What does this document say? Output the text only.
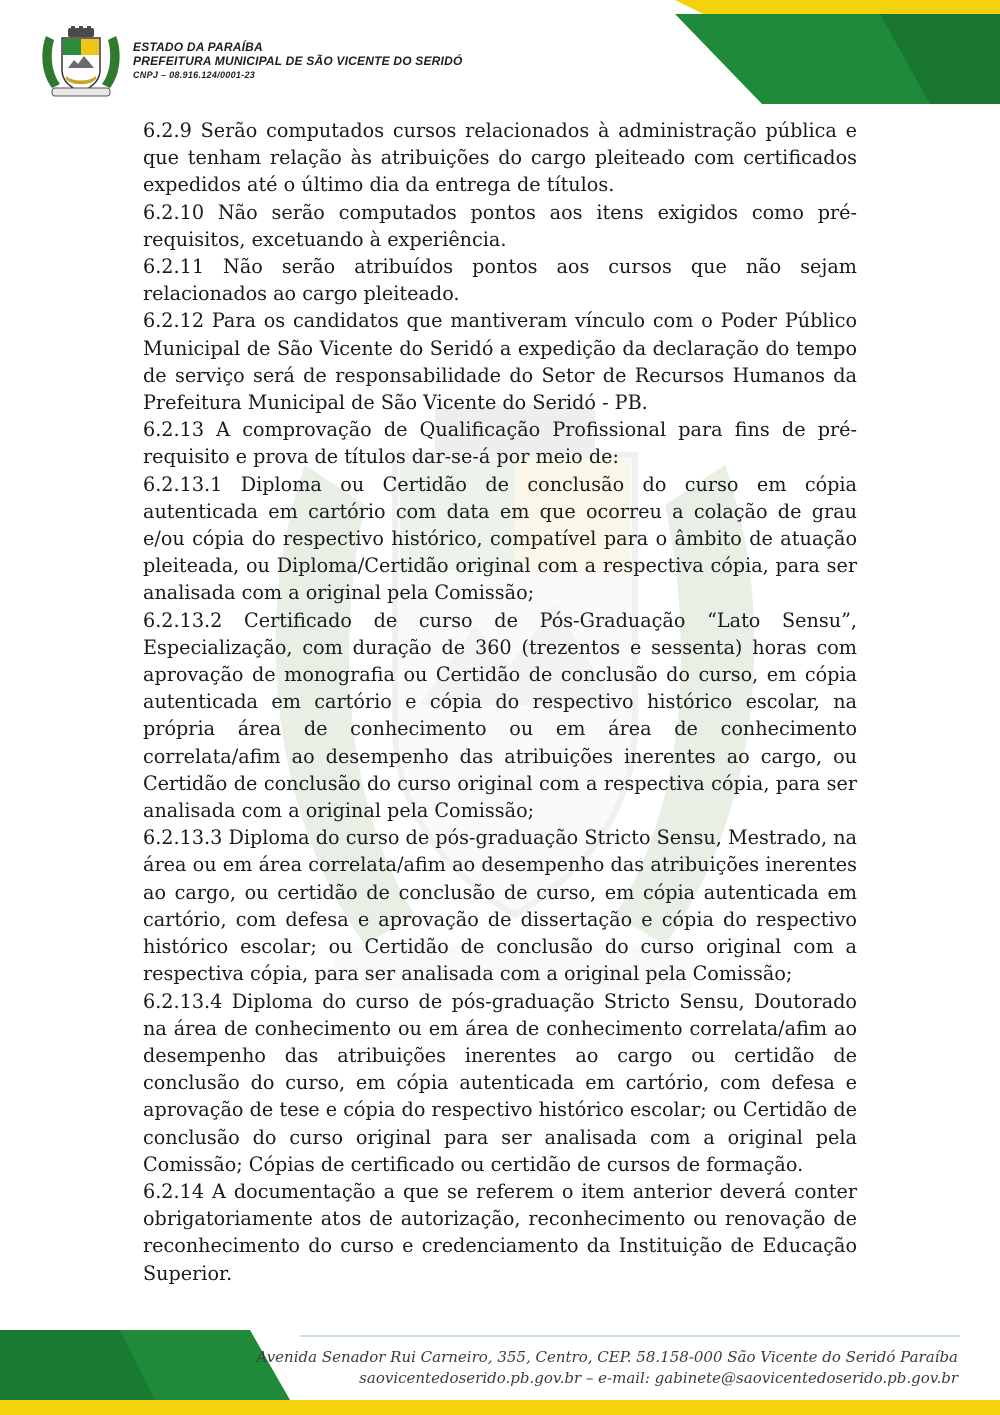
ESTADO DA PARAÍBA
PREFEITURA MUNICIPAL DE SÃO VICENTE DO SERIDÓ
CNPJ – 08.916.124/0001-23

6.2.9 Serão computados cursos relacionados à administração pública e que tenham relação às atribuições do cargo pleiteado com certificados expedidos até o último dia da entrega de títulos.

6.2.10 Não serão computados pontos aos itens exigidos como pré-requisitos, excetuando à experiência.

6.2.11 Não serão atribuídos pontos aos cursos que não sejam relacionados ao cargo pleiteado.

6.2.12 Para os candidatos que mantiveram vínculo com o Poder Público Municipal de São Vicente do Seridó a expedição da declaração do tempo de serviço será de responsabilidade do Setor de Recursos Humanos da Prefeitura Municipal de São Vicente do Seridó - PB.

6.2.13 A comprovação de Qualificação Profissional para fins de pré-requisito e prova de títulos dar-se-á por meio de:

6.2.13.1 Diploma ou Certidão de conclusão do curso em cópia autenticada em cartório com data em que ocorreu a colação de grau e/ou cópia do respectivo histórico, compatível para o âmbito de atuação pleiteada, ou Diploma/Certidão original com a respectiva cópia, para ser analisada com a original pela Comissão;

6.2.13.2 Certificado de curso de Pós-Graduação “Lato Sensu”, Especialização, com duração de 360 (trezentos e sessenta) horas com aprovação de monografia ou Certidão de conclusão do curso, em cópia autenticada em cartório e cópia do respectivo histórico escolar, na própria área de conhecimento ou em área de conhecimento correlata/afim ao desempenho das atribuições inerentes ao cargo, ou Certidão de conclusão do curso original com a respectiva cópia, para ser analisada com a original pela Comissão;

6.2.13.3 Diploma do curso de pós-graduação Stricto Sensu, Mestrado, na área ou em área correlata/afim ao desempenho das atribuições inerentes ao cargo, ou certidão de conclusão de curso, em cópia autenticada em cartório, com defesa e aprovação de dissertação e cópia do respectivo histórico escolar; ou Certidão de conclusão do curso original com a respectiva cópia, para ser analisada com a original pela Comissão;

6.2.13.4 Diploma do curso de pós-graduação Stricto Sensu, Doutorado na área de conhecimento ou em área de conhecimento correlata/afim ao desempenho das atribuições inerentes ao cargo ou certidão de conclusão do curso, em cópia autenticada em cartório, com defesa e aprovação de tese e cópia do respectivo histórico escolar; ou Certidão de conclusão do curso original para ser analisada com a original pela Comissão; Cópias de certificado ou certidão de cursos de formação.

6.2.14 A documentação a que se referem o item anterior deverá conter obrigatoriamente atos de autorização, reconhecimento ou renovação de reconhecimento do curso e credenciamento da Instituição de Educação Superior.

Avenida Senador Rui Carneiro, 355, Centro, CEP. 58.158-000 São Vicente do Seridó Paraíba
saovicentedoserido.pb.gov.br – e-mail: gabinete@saovicentedoserido.pb.gov.br
